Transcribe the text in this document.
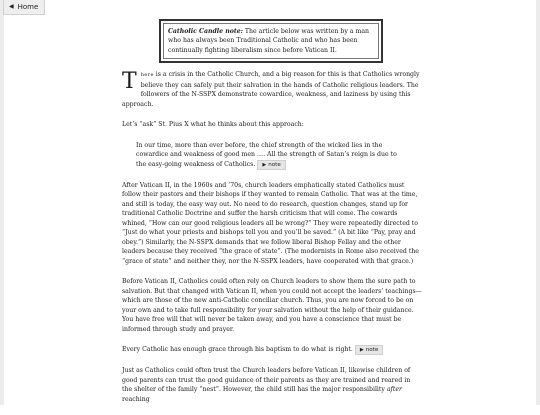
◀ Home
Catholic Candle note: The article below was written by a man who has always been Traditional Catholic and who has been continually fighting liberalism since before Vatican II.

There is a crisis in the Catholic Church, and a big reason for this is that Catholics wrongly believe they can safely put their salvation in the hands of Catholic religious leaders. The followers of the N-SSPX demonstrate cowardice, weakness, and laziness by using this approach.

Let’s “ask” St. Pius X what he thinks about this approach:

In our time, more than ever before, the chief strength of the wicked lies in the cowardice and weakness of good men …. All the strength of Satan’s reign is due to the easy-going weakness of Catholics. ▶ note

After Vatican II, in the 1960s and ’70s, church leaders emphatically stated Catholics must follow their pastors and their bishops if they wanted to remain Catholic. That was at the time, and still is today, the easy way out. No need to do research, question changes, stand up for traditional Catholic Doctrine and suffer the harsh criticism that will come. The cowards whined, “How can our good religious leaders all be wrong?” They were repeatedly directed to “Just do what your priests and bishops tell you and you’ll be saved.” (A bit like “Pay, pray and obey.”) Similarly, the N-SSPX demands that we follow liberal Bishop Fellay and the other leaders because they received “the grace of state”. (The modernists in Rome also received the “grace of state” and neither they, nor the N-SSPX leaders, have cooperated with that grace.)

Before Vatican II, Catholics could often rely on Church leaders to show them the sure path to salvation. But that changed with Vatican II, when you could not accept the leaders’ teachings—which are those of the new anti-Catholic conciliar church. Thus, you are now forced to be on your own and to take full responsibility for your salvation without the help of their guidance. You have free will that will never be taken away, and you have a conscience that must be informed through study and prayer.

Every Catholic has enough grace through his baptism to do what is right. ▶ note

Just as Catholics could often trust the Church leaders before Vatican II, likewise children of good parents can trust the good guidance of their parents as they are trained and reared in the shelter of the family “nest”. However, the child still has the major responsibility after reaching
